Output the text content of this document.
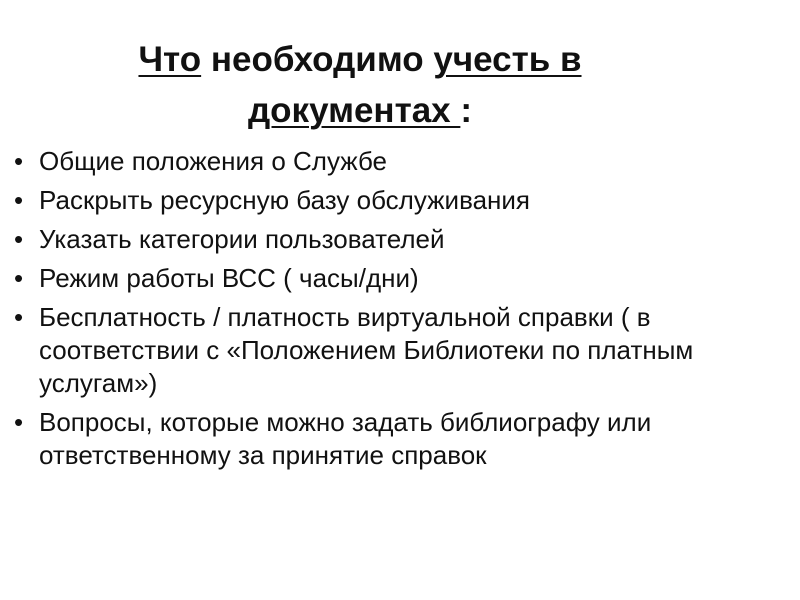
Что необходимо учесть в
документах :
• Общие положения о Службе
• Раскрыть ресурсную базу обслуживания
• Указать категории пользователей
• Режим работы ВСС ( часы/дни)
• Бесплатность / платность виртуальной справки ( в соответствии с «Положением Библиотеки по платным услугам»)
• Вопросы, которые можно задать библиографу или ответственному за принятие справок
